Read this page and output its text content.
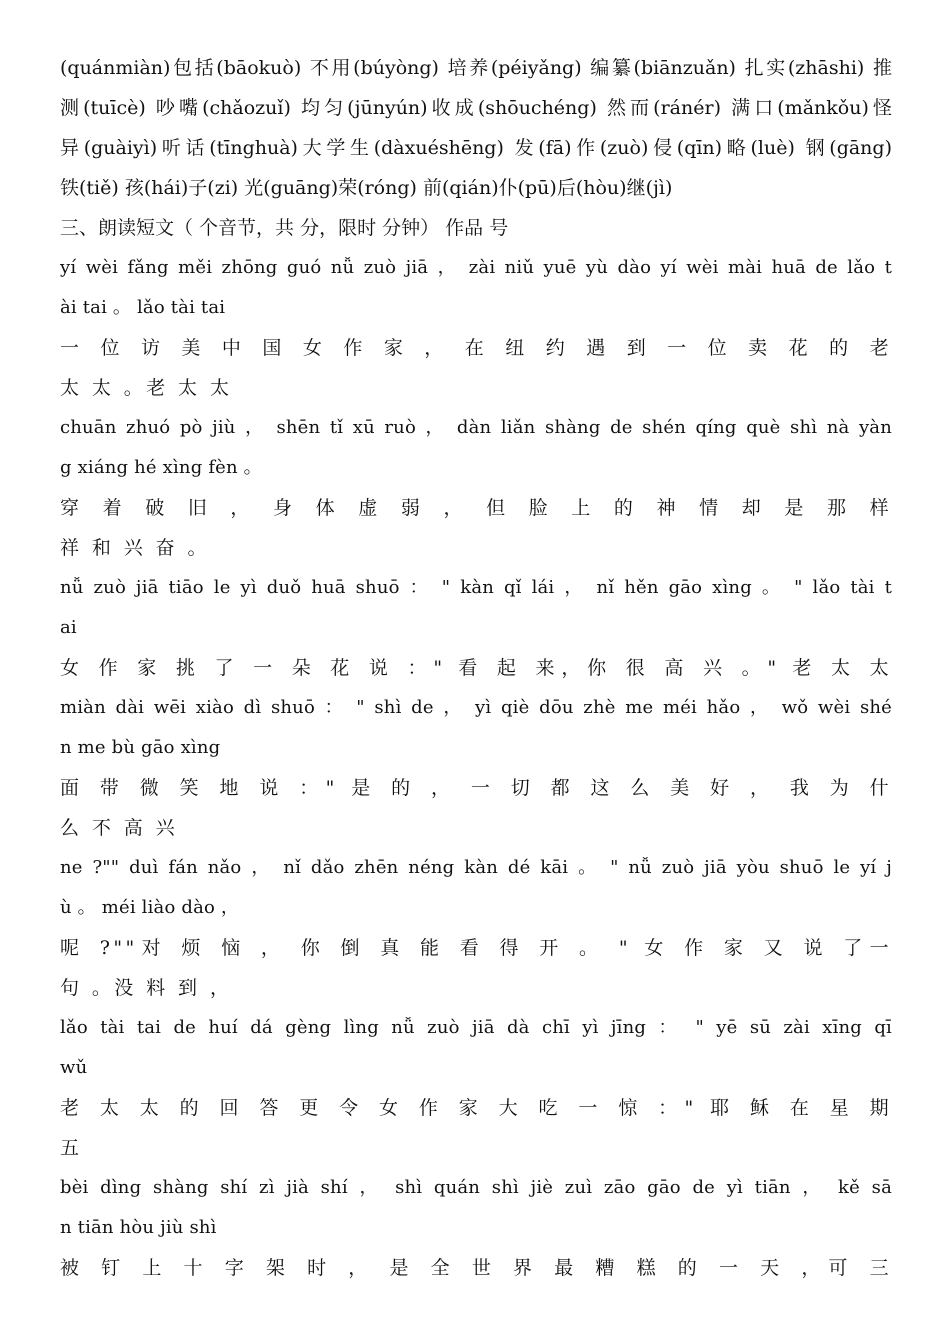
(quánmiàn)包括(bāokuò) 不用(búyòng) 培养(péiyǎng) 编纂(biānzuǎn) 扎实(zhāshi) 推
测(tuīcè) 吵嘴(chǎozuǐ) 均匀(jūnyún)收成(shōuchéng) 然而(ránér) 满口(mǎnkǒu)怪
异(guàiyì)听话(tīnghuà)大学生(dàxuéshēng) 发(fā)作(zuò)侵(qīn)略(luè) 钢(gāng)
铁(tiě) 孩(hái)子(zi) 光(guāng)荣(róng) 前(qián)仆(pū)后(hòu)继(jì)
三、朗读短文（ 个音节，共 分，限时 分钟） 作品 号
yí wèi fǎng měi zhōng guó nǚ zuò jiā ， zài niǔ yuē yù dào yí wèi mài huā de lǎo t
ài tai 。 lǎo tài tai
一 位 访 美 中 国 女 作 家 ， 在 纽 约 遇 到 一 位 卖 花 的 老
太 太 。老 太 太
chuān zhuó pò jiù ， shēn tǐ xū ruò ， dàn liǎn shàng de shén qíng què shì nà yàn
g xiáng hé xìng fèn 。
穿 着 破 旧 ， 身 体 虚 弱 ， 但 脸 上 的 神 情 却 是 那 样
祥 和 兴 奋 。
nǚ zuò jiā tiāo le yì duǒ huā shuō ： " kàn qǐ lái ， nǐ hěn gāo xìng 。 " lǎo tài t
ai
女 作 家 挑 了 一 朵 花 说 ：" 看 起 来，你 很 高 兴 。" 老 太 太
miàn dài wēi xiào dì shuō ： " shì de ， yì qiè dōu zhè me méi hǎo ， wǒ wèi shé
n me bù gāo xìng
面 带 微 笑 地 说 ：" 是 的 ， 一 切 都 这 么 美 好 ， 我 为 什
么 不 高 兴
ne ?"" duì fán nǎo ， nǐ dǎo zhēn néng kàn dé kāi 。 " nǚ zuò jiā yòu shuō le yí j
ù 。 méi liào dào ，
呢 ?""对 烦 恼 ， 你 倒 真 能 看 得 开 。 " 女 作 家 又 说 了一
句 。没 料 到 ，
lǎo tài tai de huí dá gèng lìng nǚ zuò jiā dà chī yì jīng ： " yē sū zài xīng qī
wǔ
老 太 太 的 回 答 更 令 女 作 家 大 吃 一 惊 ：" 耶 稣 在 星 期
五
bèi dìng shàng shí zì jià shí ， shì quán shì jiè zuì zāo gāo de yì tiān ， kě sā
n tiān hòu jiù shì
被 钉 上 十 字 架 时 ， 是 全 世 界 最 糟 糕 的 一 天 ，可 三
